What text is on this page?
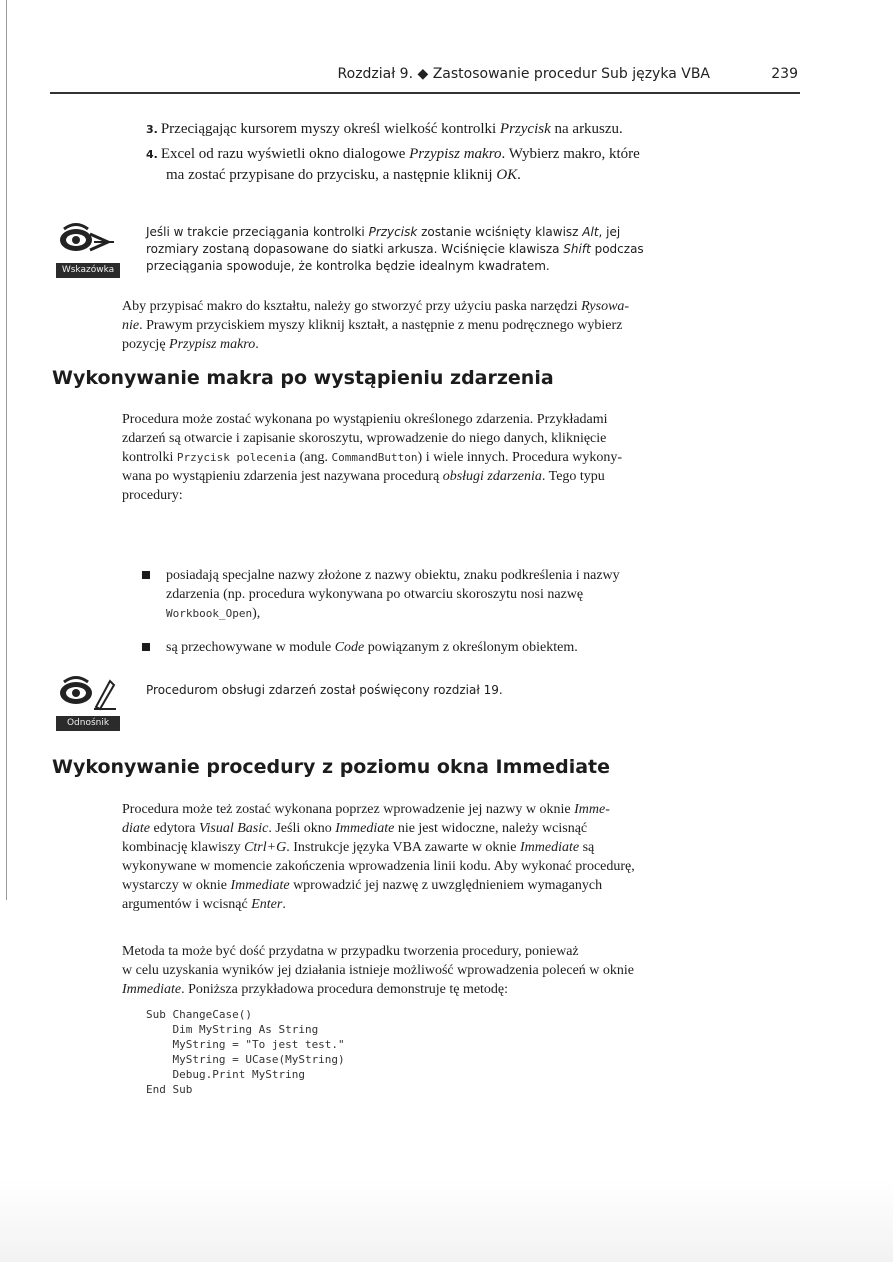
Rozdział 9. ◆ Zastosowanie procedur Sub języka VBA	239
3. Przeciągając kursorem myszy określ wielkość kontrolki Przycisk na arkuszu.
4. Excel od razu wyświetli okno dialogowe Przypisz makro. Wybierz makro, które
ma zostać przypisane do przycisku, a następnie kliknij OK.
Wskazówka
Jeśli w trakcie przeciągania kontrolki Przycisk zostanie wciśnięty klawisz Alt, jej
rozmiary zostaną dopasowane do siatki arkusza. Wciśnięcie klawisza Shift podczas
przeciągania spowoduje, że kontrolka będzie idealnym kwadratem.
Aby przypisać makro do kształtu, należy go stworzyć przy użyciu paska narzędzi Rysowa-
nie. Prawym przyciskiem myszy kliknij kształt, a następnie z menu podręcznego wybierz
pozycję Przypisz makro.
Wykonywanie makra po wystąpieniu zdarzenia
Procedura może zostać wykonana po wystąpieniu określonego zdarzenia. Przykładami
zdarzeń są otwarcie i zapisanie skoroszytu, wprowadzenie do niego danych, kliknięcie
kontrolki Przycisk polecenia (ang. CommandButton) i wiele innych. Procedura wykony-
wana po wystąpieniu zdarzenia jest nazywana procedurą obsługi zdarzenia. Tego typu
procedury:
posiadają specjalne nazwy złożone z nazwy obiektu, znaku podkreślenia i nazwy
zdarzenia (np. procedura wykonywana po otwarciu skoroszytu nosi nazwę
Workbook_Open),
są przechowywane w module Code powiązanym z określonym obiektem.
Odnośnik
Procedurom obsługi zdarzeń został poświęcony rozdział 19.
Wykonywanie procedury z poziomu okna Immediate
Procedura może też zostać wykonana poprzez wprowadzenie jej nazwy w oknie Imme-
diate edytora Visual Basic. Jeśli okno Immediate nie jest widoczne, należy wcisnąć
kombinację klawiszy Ctrl+G. Instrukcje języka VBA zawarte w oknie Immediate są
wykonywane w momencie zakończenia wprowadzenia linii kodu. Aby wykonać procedurę,
wystarczy w oknie Immediate wprowadzić jej nazwę z uwzględnieniem wymaganych
argumentów i wcisnąć Enter.
Metoda ta może być dość przydatna w przypadku tworzenia procedury, ponieważ
w celu uzyskania wyników jej działania istnieje możliwość wprowadzenia poleceń w oknie
Immediate. Poniższa przykładowa procedura demonstruje tę metodę:
Sub ChangeCase()
Dim MyString As String
MyString = "To jest test."
MyString = UCase(MyString)
Debug.Print MyString
End Sub
